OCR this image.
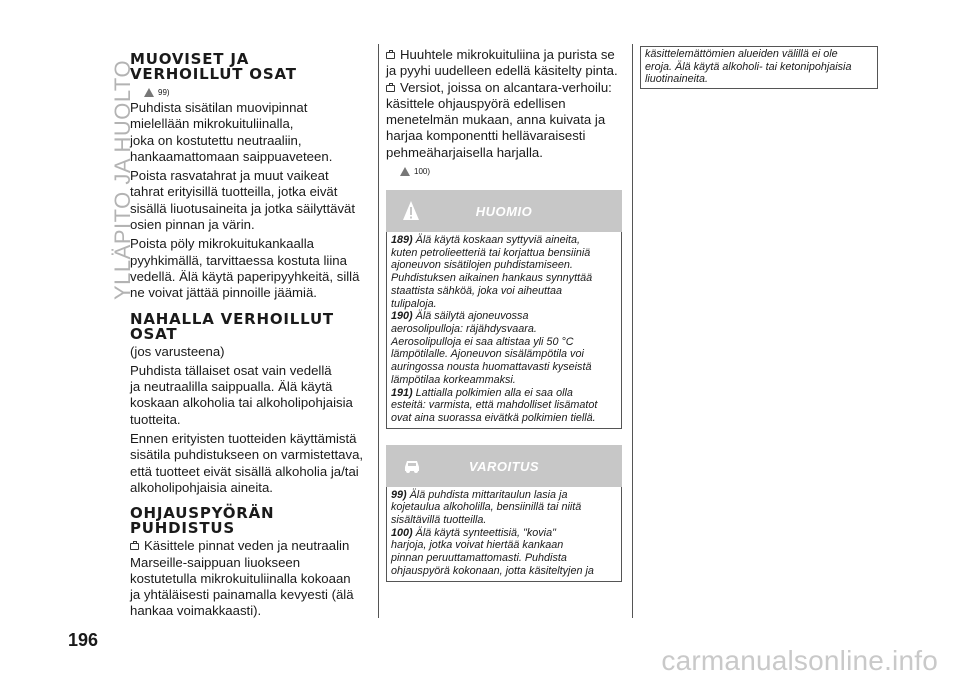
YLLÄPITO JA HUOLTO
MUOVISET JA
VERHOILLUT OSAT
99)

Puhdista sisätilan muovipinnat
mielellään mikrokuituliinalla,
joka on kostutettu neutraaliin,
hankaamattomaan saippuaveteen.

Poista rasvatahrat ja muut vaikeat
tahrat erityisillä tuotteilla, jotka eivät
sisällä liuotusaineita ja jotka säilyttävät
osien pinnan ja värin.

Poista pöly mikrokuitukankaalla
pyyhkimällä, tarvittaessa kostuta liina
vedellä. Älä käytä paperipyyhkeitä, sillä
ne voivat jättää pinnoille jäämiä.

NAHALLA VERHOILLUT
OSAT

(jos varusteena)

Puhdista tällaiset osat vain vedellä
ja neutraalilla saippualla. Älä käytä
koskaan alkoholia tai alkoholipohjaisia
tuotteita.

Ennen erityisten tuotteiden käyttämistä
sisätila puhdistukseen on varmistettava,
että tuotteet eivät sisällä alkoholia ja/tai
alkoholipohjaisia aineita.

OHJAUSPYÖRÄN
PUHDISTUS

Käsittele pinnat veden ja neutraalin
Marseille-saippuan liuokseen
kostutetulla mikrokuituliinalla kokoaan
ja yhtäläisesti painamalla kevyesti (älä
hankaa voimakkaasti).

Huuhtele mikrokuituliina ja purista se
ja pyyhi uudelleen edellä käsitelty pinta.

Versiot, joissa on alcantara-verhoilu:
käsittele ohjauspyörä edellisen
menetelmän mukaan, anna kuivata ja
harjaa komponentti hellävaraisesti
pehmeäharjaisella harjalla.

100)
HUOMIO

189) Älä käytä koskaan syttyviä aineita,
kuten petrolieetteriä tai korjattua bensiiniä
ajoneuvon sisätilojen puhdistamiseen.
Puhdistuksen aikainen hankaus synnyttää
staattista sähköä, joka voi aiheuttaa
tulipaloja.

190) Älä säilytä ajoneuvossa
aerosolipulloja: räjähdysvaara.
Aerosolipulloja ei saa altistaa yli 50 °C
lämpötilalle. Ajoneuvon sisälämpötila voi
auringossa nousta huomattavasti kyseistä
lämpötilaa korkeammaksi.

191) Lattialla polkimien alla ei saa olla
esteitä: varmista, että mahdolliset lisämatot
ovat aina suorassa eivätkä polkimien tiellä.

VAROITUS

99) Älä puhdista mittaritaulun lasia ja
kojetaulua alkoholilla, bensiinillä tai niitä
sisältävillä tuotteilla.

100) Älä käytä synteettisiä, "kovia"
harjoja, jotka voivat hiertää kankaan
pinnan peruuttamattomasti. Puhdista
ohjauspyörä kokonaan, jotta käsiteltyjen ja

käsittelemättömien alueiden välillä ei ole
eroja. Älä käytä alkoholi- tai ketonipohjaisia
liuotinaineita.

196
carmanualsonline.info
